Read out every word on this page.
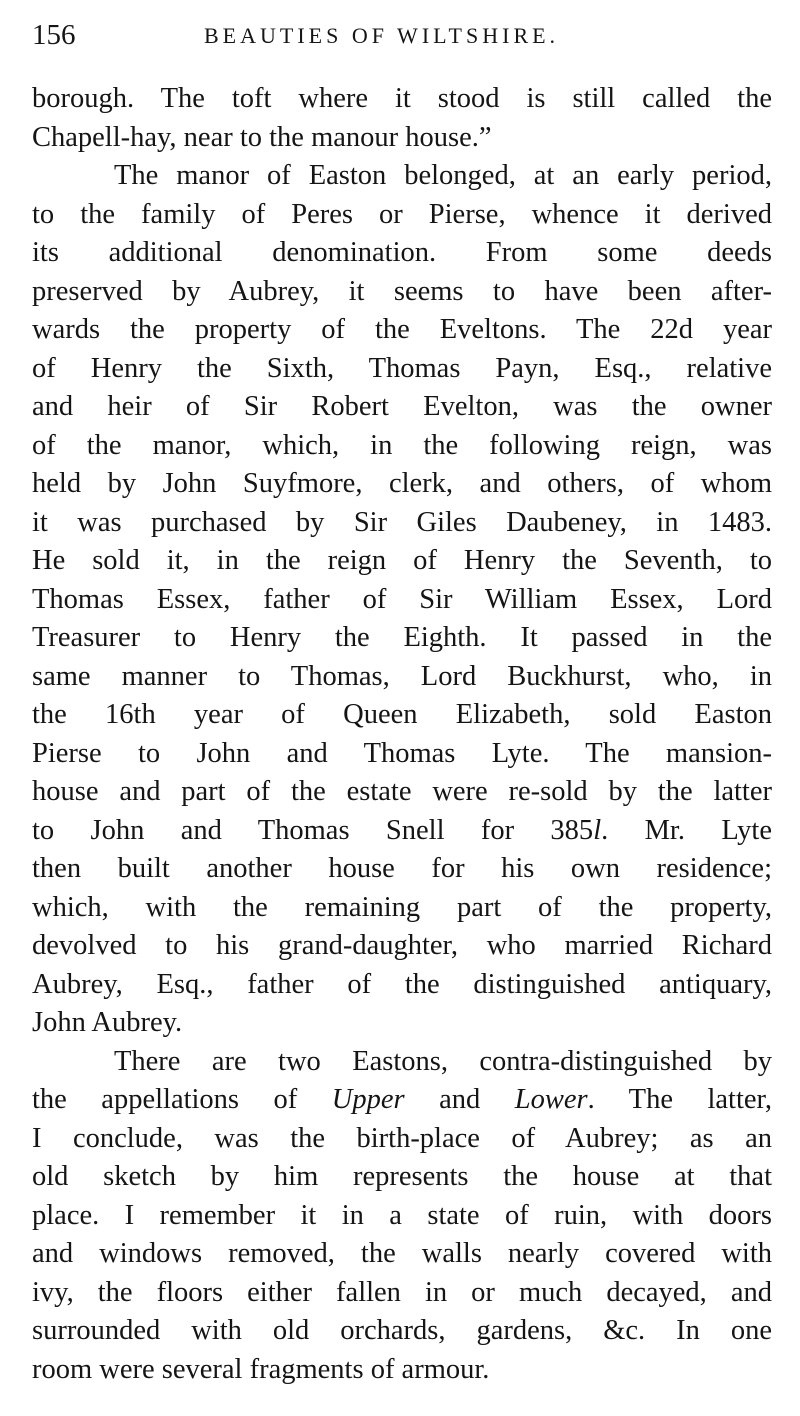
156	BEAUTIES OF WILTSHIRE.
borough. The toft where it stood is still called the
Chapell-hay, near to the manour house.”
The manor of Easton belonged, at an early period,
to the family of Peres or Pierse, whence it derived
its additional denomination. From some deeds
preserved by Aubrey, it seems to have been after-
wards the property of the Eveltons. The 22d year
of Henry the Sixth, Thomas Payn, Esq., relative
and heir of Sir Robert Evelton, was the owner
of the manor, which, in the following reign, was
held by John Suyfmore, clerk, and others, of whom
it was purchased by Sir Giles Daubeney, in 1483.
He sold it, in the reign of Henry the Seventh, to
Thomas Essex, father of Sir William Essex, Lord
Treasurer to Henry the Eighth. It passed in the
same manner to Thomas, Lord Buckhurst, who, in
the 16th year of Queen Elizabeth, sold Easton
Pierse to John and Thomas Lyte. The mansion-
house and part of the estate were re-sold by the latter
to John and Thomas Snell for 385l. Mr. Lyte
then built another house for his own residence;
which, with the remaining part of the property,
devolved to his grand-daughter, who married Richard
Aubrey, Esq., father of the distinguished antiquary,
John Aubrey.
There are two Eastons, contra-distinguished by
the appellations of Upper and Lower. The latter,
I conclude, was the birth-place of Aubrey; as an
old sketch by him represents the house at that
place. I remember it in a state of ruin, with doors
and windows removed, the walls nearly covered with
ivy, the floors either fallen in or much decayed, and
surrounded with old orchards, gardens, &c. In one
room were several fragments of armour.
